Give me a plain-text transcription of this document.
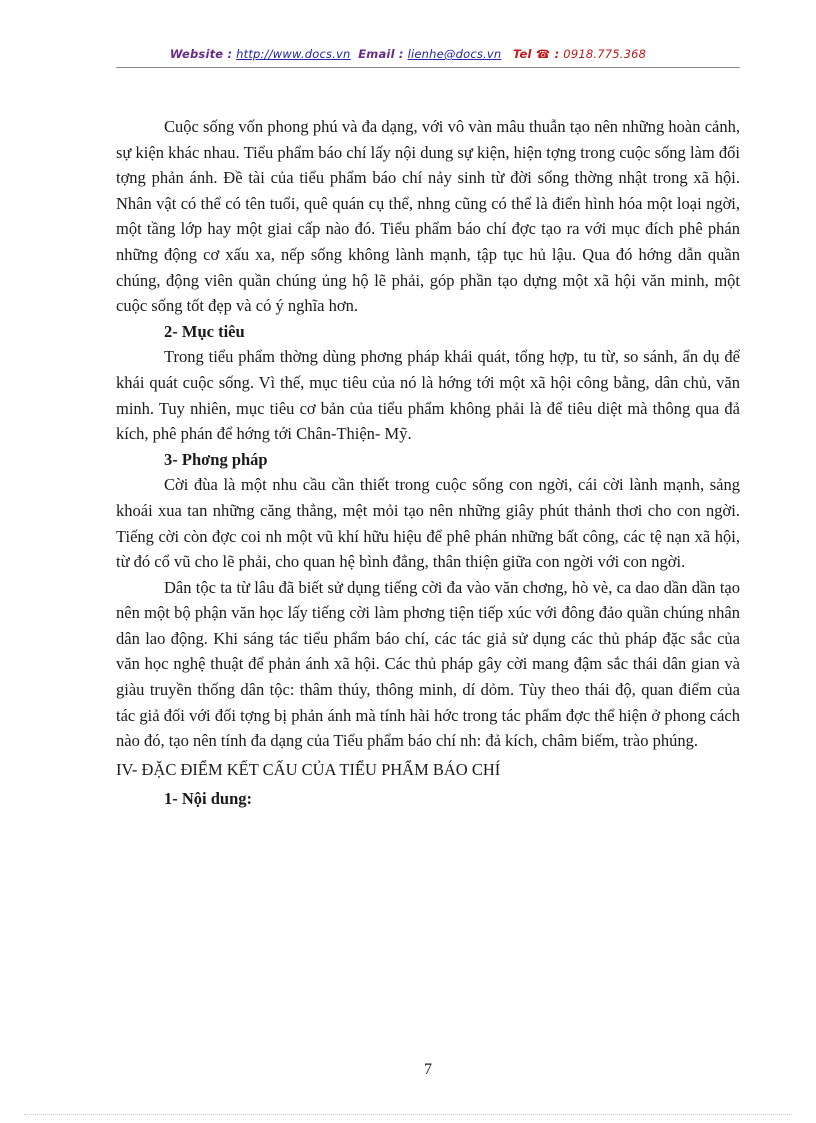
Website : http://www.docs.vn Email : lienhe@docs.vn Tel ☎ : 0918.775.368

Cuộc sống vốn phong phú và đa dạng, với vô vàn mâu thuẫn tạo nên những hoàn cảnh, sự kiện khác nhau. Tiểu phẩm báo chí lấy nội dung sự kiện, hiện tợng trong cuộc sống làm đối tợng phản ánh. Đề tài của tiểu phẩm báo chí nảy sinh từ đời sống thờng nhật trong xã hội. Nhân vật có thể có tên tuổi, quê quán cụ thể, nhng cũng có thể là điển hình hóa một loại ngời, một tầng lớp hay một giai cấp nào đó. Tiểu phẩm báo chí đợc tạo ra với mục đích phê phán những động cơ xấu xa, nếp sống không lành mạnh, tập tục hủ lậu. Qua đó hớng dẫn quần chúng, động viên quần chúng ủng hộ lẽ phải, góp phần tạo dựng một xã hội văn minh, một cuộc sống tốt đẹp và có ý nghĩa hơn.

2- Mục tiêu

Trong tiểu phẩm thờng dùng phơng pháp khái quát, tổng hợp, tu từ, so sánh, ẩn dụ để khái quát cuộc sống. Vì thế, mục tiêu của nó là hớng tới một xã hội công bằng, dân chủ, văn minh. Tuy nhiên, mục tiêu cơ bản của tiểu phẩm không phải là để tiêu diệt mà thông qua đả kích, phê phán để hớng tới Chân-Thiện- Mỹ.

3- Phơng pháp

Cời đùa là một nhu cầu cần thiết trong cuộc sống con ngời, cái cời lành mạnh, sảng khoái xua tan những căng thẳng, mệt mỏi tạo nên những giây phút thảnh thơi cho con ngời. Tiếng cời còn đợc coi nh một vũ khí hữu hiệu để phê phán những bất công, các tệ nạn xã hội, từ đó cổ vũ cho lẽ phải, cho quan hệ bình đẳng, thân thiện giữa con ngời với con ngời.

Dân tộc ta từ lâu đã biết sử dụng tiếng cời đa vào văn chơng, hò vè, ca dao dần dần tạo nên một bộ phận văn học lấy tiếng cời làm phơng tiện tiếp xúc với đông đảo quần chúng nhân dân lao động. Khi sáng tác tiểu phẩm báo chí, các tác giả sử dụng các thủ pháp đặc sắc của văn học nghệ thuật để phản ánh xã hội. Các thủ pháp gây cời mang đậm sắc thái dân gian và giàu truyền thống dân tộc: thâm thúy, thông minh, dí dỏm. Tùy theo thái độ, quan điểm của tác giả đối với đối tợng bị phản ánh mà tính hài hớc trong tác phẩm đợc thể hiện ở phong cách nào đó, tạo nên tính đa dạng của Tiểu phẩm báo chí nh: đả kích, châm biếm, trào phúng.

IV- ĐẶC ĐIỂM KẾT CẤU CỦA TIỂU PHẨM BÁO CHÍ
1- Nội dung:
7
